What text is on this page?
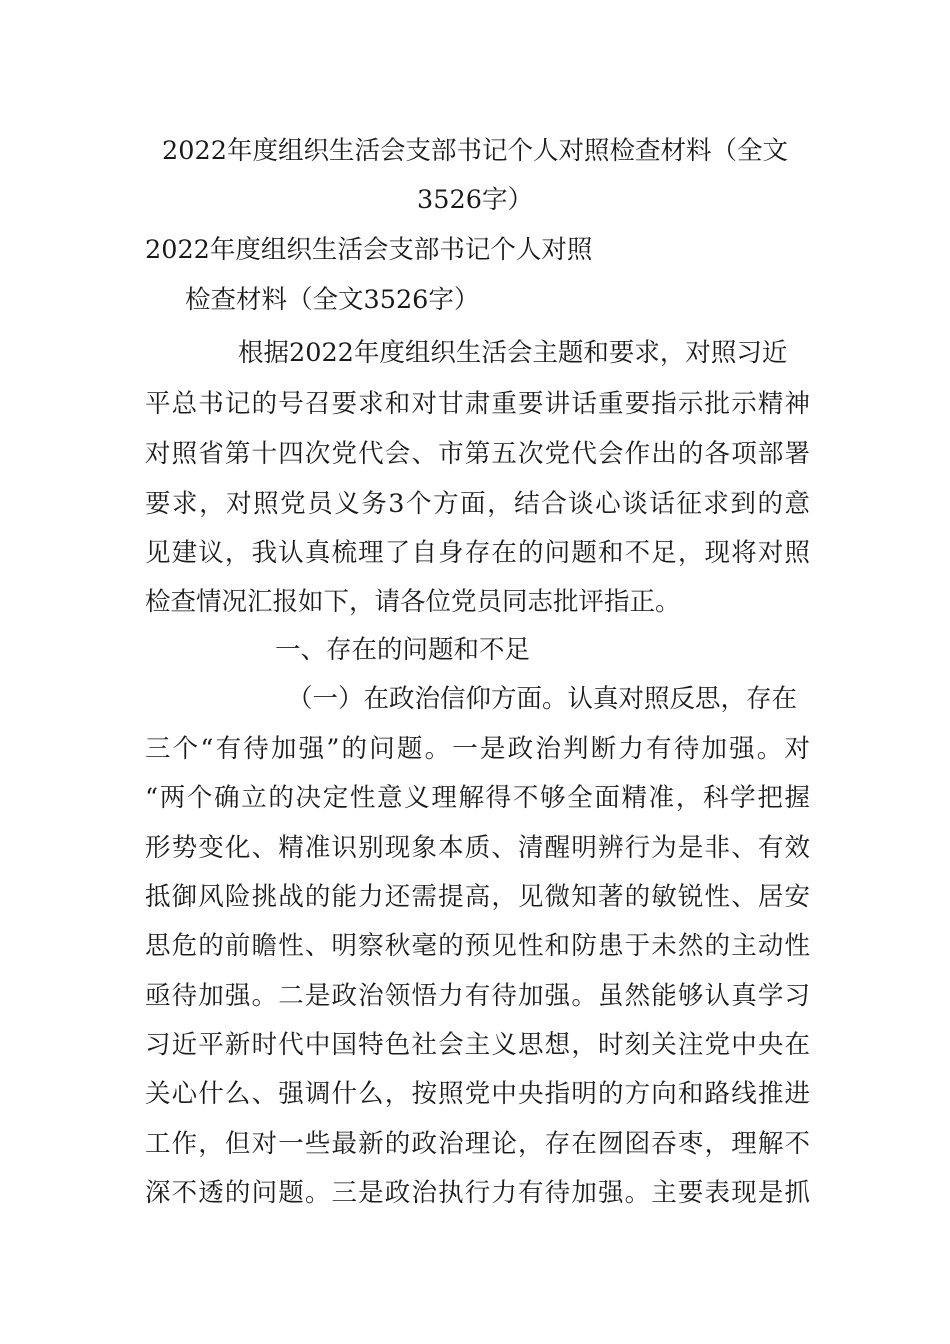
2022年度组织生活会支部书记个人对照检查材料（全文
3526字）
2022年度组织生活会支部书记个人对照
检查材料（全文3526字）
根据2022年度组织生活会主题和要求，对照习近
平总书记的号召要求和对甘肃重要讲话重要指示批示精神
对照省第十四次党代会、市第五次党代会作出的各项部署
要求，对照党员义务3个方面，结合谈心谈话征求到的意
见建议，我认真梳理了自身存在的问题和不足，现将对照
检查情况汇报如下，请各位党员同志批评指正。
一、存在的问题和不足
（一）在政治信仰方面。认真对照反思，存在
三个“有待加强”的问题。一是政治判断力有待加强。对
“两个确立的决定性意义理解得不够全面精准，科学把握
形势变化、精准识别现象本质、清醒明辨行为是非、有效
抵御风险挑战的能力还需提高，见微知著的敏锐性、居安
思危的前瞻性、明察秋毫的预见性和防患于未然的主动性
亟待加强。二是政治领悟力有待加强。虽然能够认真学习
习近平新时代中国特色社会主义思想，时刻关注党中央在
关心什么、强调什么，按照党中央指明的方向和路线推进
工作，但对一些最新的政治理论，存在囫囵吞枣，理解不
深不透的问题。三是政治执行力有待加强。主要表现是抓
